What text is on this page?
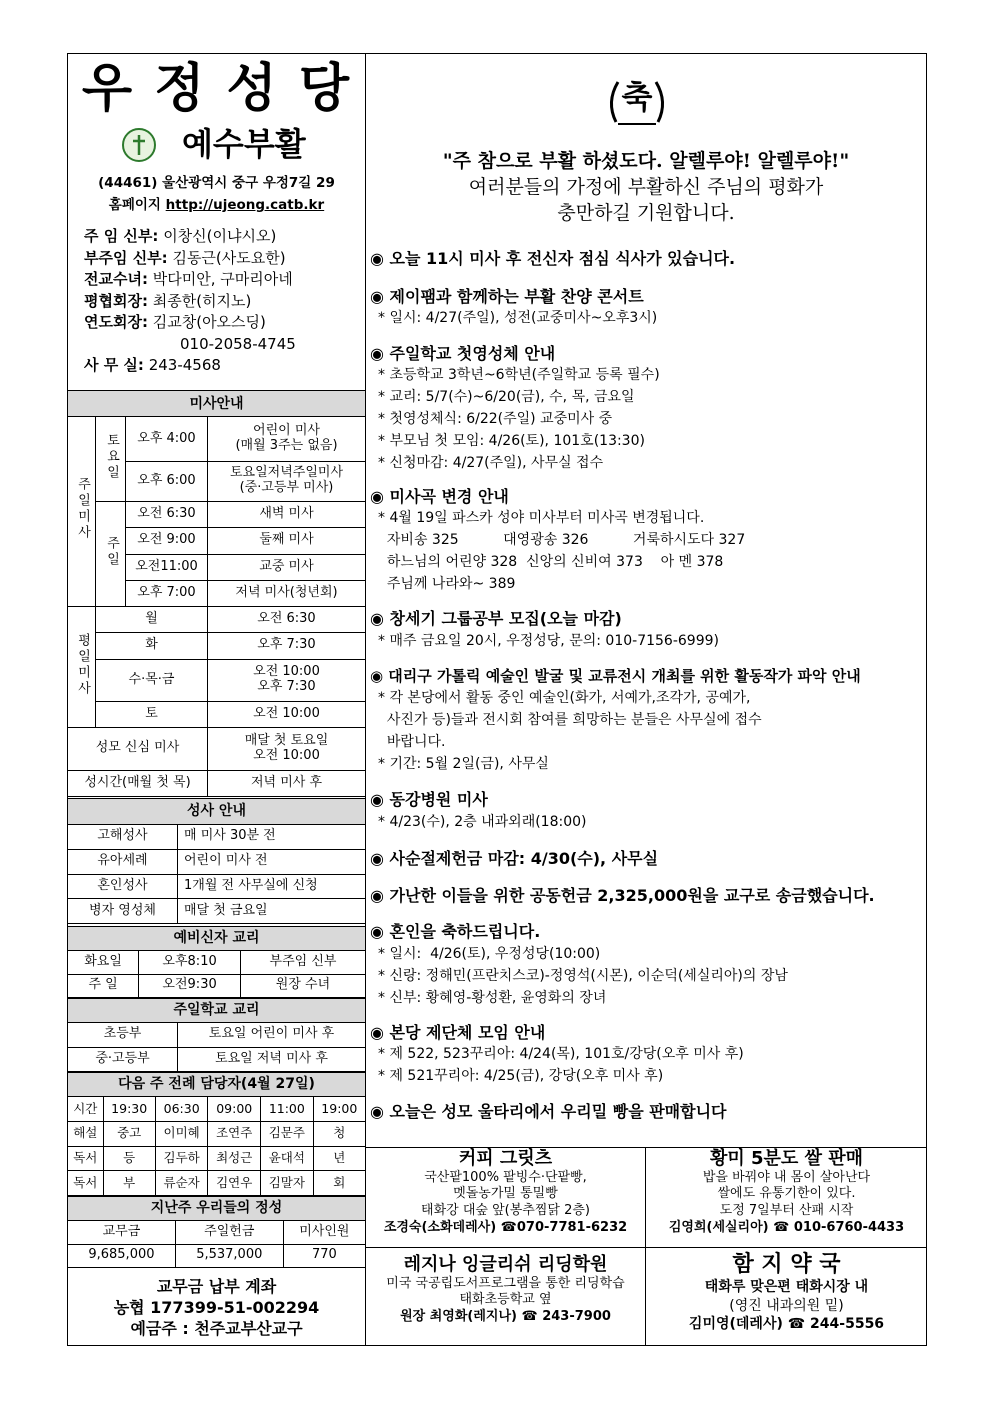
우 정 성 당
예수부활
(44461) 울산광역시 중구 우정7길 29
홈페이지 http://ujeong.catb.kr
주 임 신부: 이창신(이냐시오)
부주임 신부: 김동근(사도요한)
전교수녀: 박다미안, 구마리아네
평협회장: 최종한(히지노)
연도회장: 김교창(아오스딩)
010-2058-4745
사 무 실: 243-4568
미사안내			
주일미사	토요일	오후 4:00	어린이 미사
(매월 3주는 없음)

		오후 6:00	토요일저녁주일미사
(중·고등부 미사)

	주일	오전 6:30	새벽 미사
		오전 9:00	둘째 미사
		오전11:00	교중 미사
		오후 7:00	저녁 미사(청년회)
평일미사	월		오전 6:30
	화		오후 7:30
	수·목·금		오전 10:00
오후 7:30

	토		오전 10:00
성모 신심 미사			매달 첫 토요일
오전 10:00

성시간(매월 첫 목)			저녁 미사 후
성사 안내	
고해성사	매 미사 30분 전
유아세례	어린이 미사 전
혼인성사	1개월 전 사무실에 신청
병자 영성체	매달 첫 금요일
예비신자 교리		
화요일	오후8:10	부주임 신부
주 일	오전9:30	원장 수녀
주일학교 교리	
초등부	토요일 어린이 미사 후
중·고등부	토요일 저녁 미사 후
다음 주 전례 담당자(4월 27일)					
시간	19:30	06:30	09:00	11:00	19:00
해설	중고	이미혜	조연주	김문주	청
독서	등	김두하	최성근	윤대석	년
독서	부	류순자	김연우	김말자	회
지난주 우리들의 정성		
교무금	주일헌금	미사인원
9,685,000	5,537,000	770
교무금 납부 계좌
농협 177399-51-002294
예금주 : 천주교부산교구
축
"주 참으로 부활 하셨도다. 알렐루야! 알렐루야!"
여러분들의 가정에 부활하신 주님의 평화가
충만하길 기원합니다.
◉ 오늘 11시 미사 후 전신자 점심 식사가 있습니다.
◉ 제이팸과 함께하는 부활 찬양 콘서트
* 일시: 4/27(주일), 성전(교중미사~오후3시)
◉ 주일학교 첫영성체 안내
* 초등학교 3학년~6학년(주일학교 등록 필수)
* 교리: 5/7(수)~6/20(금), 수, 목, 금요일
* 첫영성체식: 6/22(주일) 교중미사 중
* 부모님 첫 모임: 4/26(토), 101호(13:30)
* 신청마감: 4/27(주일), 사무실 접수
◉ 미사곡 변경 안내
* 4월 19일 파스카 성야 미사부터 미사곡 변경됩니다.
자비송 325          대영광송 326          거룩하시도다 327
하느님의 어린양 328  신앙의 신비여 373    아 멘 378
주님께 나라와~ 389
◉ 창세기 그룹공부 모집(오늘 마감)
* 매주 금요일 20시, 우정성당, 문의: 010-7156-6999)
◉ 대리구 가톨릭 예술인 발굴 및 교류전시 개최를 위한 활동작가 파악 안내
* 각 본당에서 활동 중인 예술인(화가, 서예가,조각가, 공예가,
사진가 등)들과 전시회 참여를 희망하는 분들은 사무실에 접수
바랍니다.
* 기간: 5월 2일(금), 사무실
◉ 동강병원 미사
* 4/23(수), 2층 내과외래(18:00)
◉ 사순절제헌금 마감: 4/30(수), 사무실
◉ 가난한 이들을 위한 공동헌금 2,325,000원을 교구로 송금했습니다.
◉ 혼인을 축하드립니다.
* 일시:  4/26(토), 우정성당(10:00)
* 신랑: 정해민(프란치스코)-정영석(시몬), 이순덕(세실리아)의 장남
* 신부: 황혜영-황성환, 윤영화의 장녀
◉ 본당 제단체 모임 안내
* 제 522, 523꾸리아: 4/24(목), 101호/강당(오후 미사 후)
* 제 521꾸리아: 4/25(금), 강당(오후 미사 후)
◉ 오늘은 성모 울타리에서 우리밀 빵을 판매합니다
커피 그릿츠
국산팥100% 팥빙수·단팥빵,
멧돌농가밀 통밀빵
태화강 대숲 앞(봉추찜닭 2층)
조경숙(소화데레사) ☎070-7781-6232
황미 5분도 쌀 판매
밥을 바꿔야 내 몸이 살아난다
쌀에도 유통기한이 있다.
도정 7일부터 산패 시작
김영희(세실리아) ☎ 010-6760-4433
레지나 잉글리쉬 리딩학원
미국 국공립도서프로그램을 통한 리딩학습
태화초등학교 옆
원장 최영화(레지나) ☎ 243-7900
함 지 약 국
태화루 맞은편 태화시장 내
(영진 내과의원 밑)
김미영(데레사) ☎ 244-5556
